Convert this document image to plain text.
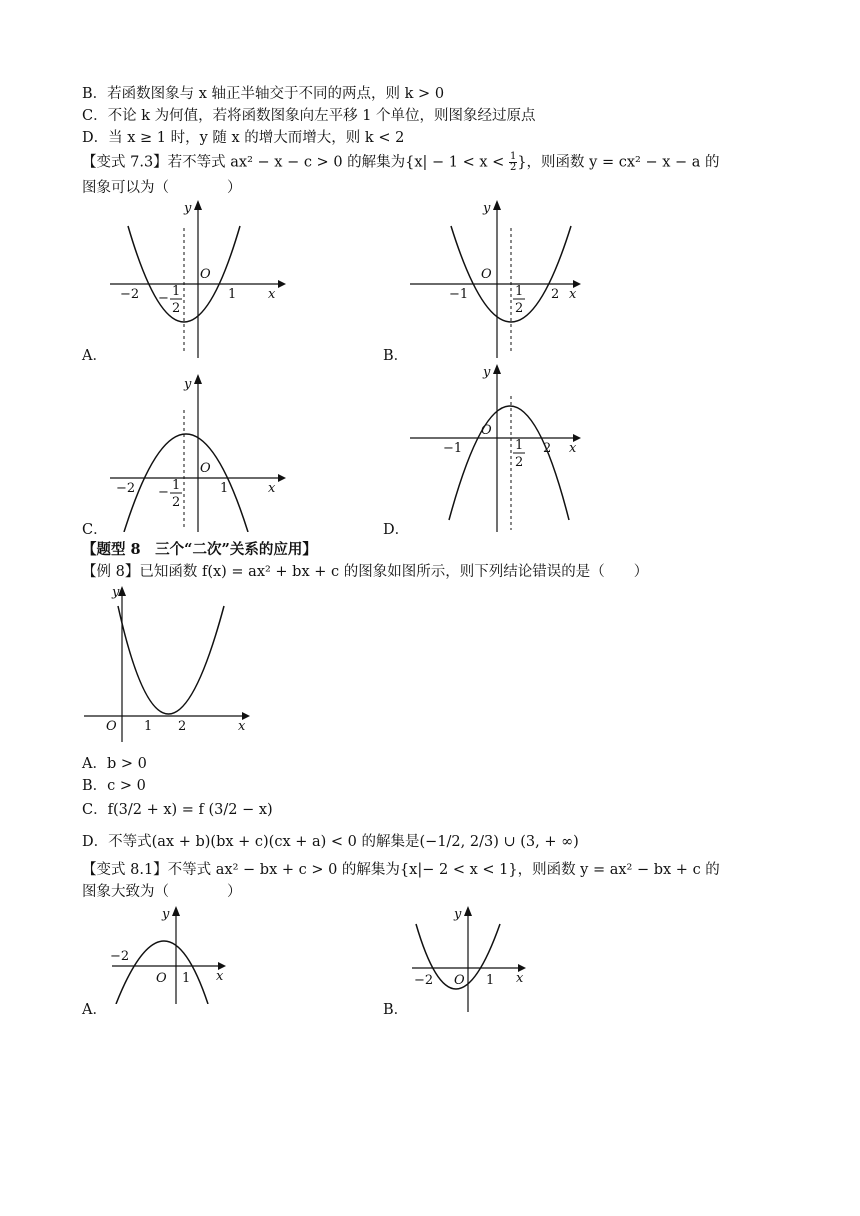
B．若函数图象与 x 轴正半轴交于不同的两点，则 k > 0
C．不论 k 为何值，若将函数图象向左平移 1 个单位，则图象经过原点
D．当 x ≥ 1 时，y 随 x 的增大而增大，则 k < 2
【变式 7.3】若不等式 ax² − x − c > 0 的解集为{$x| - 1 < x < \frac{1}{2}$ }，则函数 y = cx² − x − a 的
图象可以为（　　　　）
y
x
O
−2 − 1
2
1
A．
y
x
O
−1	1
2
2
B．
y
x
O
−2 − 1
2
1
C．
y
x
O
−1	1
2
2
D．
【题型 8　三个“二次”关系的应用】
【例 8】已知函数 f(x) = ax² + bx + c 的图象如图所示，则下列结论错误的是（　　）
y
x
O 1 2
A．b > 0
B．c > 0
C．f(3/2 + x) = f (3/2 − x)
D．不等式(ax + b)(bx + c)(cx + a) < 0 的解集是(−1/2, 2/3) ∪ (3, + ∞)
【变式 8.1】不等式 ax² − bx + c > 0 的解集为{x|− 2 < x < 1}，则函数 y = ax² − bx + c 的
图象大致为（　　　　）
y
x
O
−2
1
A．
y
x
O
−2	1
B．
